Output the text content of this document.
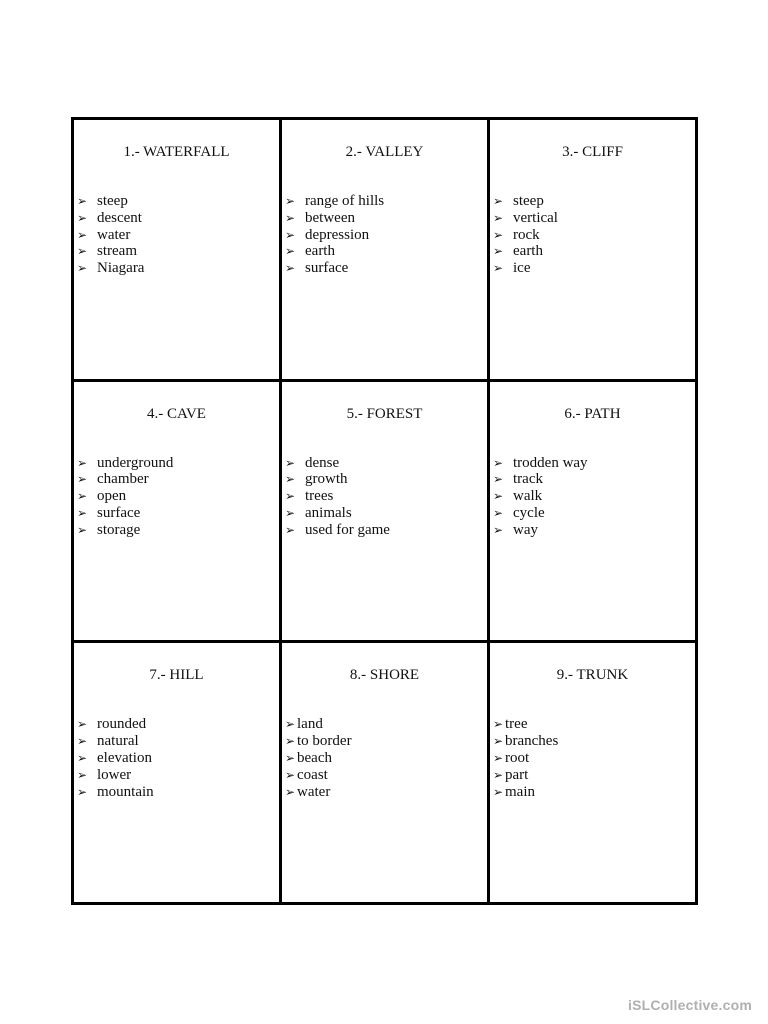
1.- WATERFALL
➢ steep
➢ descent
➢ water
➢ stream
➢ Niagara
2.- VALLEY
➢ range of hills
➢ between
➢ depression
➢ earth
➢ surface
3.- CLIFF
➢ steep
➢ vertical
➢ rock
➢ earth
➢ ice
4.- CAVE
➢ underground
➢ chamber
➢ open
➢ surface
➢ storage
5.- FOREST
➢ dense
➢ growth
➢ trees
➢ animals
➢ used for game
6.- PATH
➢ trodden way
➢ track
➢ walk
➢ cycle
➢ way
7.- HILL
➢ rounded
➢ natural
➢ elevation
➢ lower
➢ mountain
8.- SHORE
➢ land
➢ to border
➢ beach
➢ coast
➢ water
9.- TRUNK
➢ tree
➢ branches
➢ root
➢ part
➢ main
iSLCollective.com
